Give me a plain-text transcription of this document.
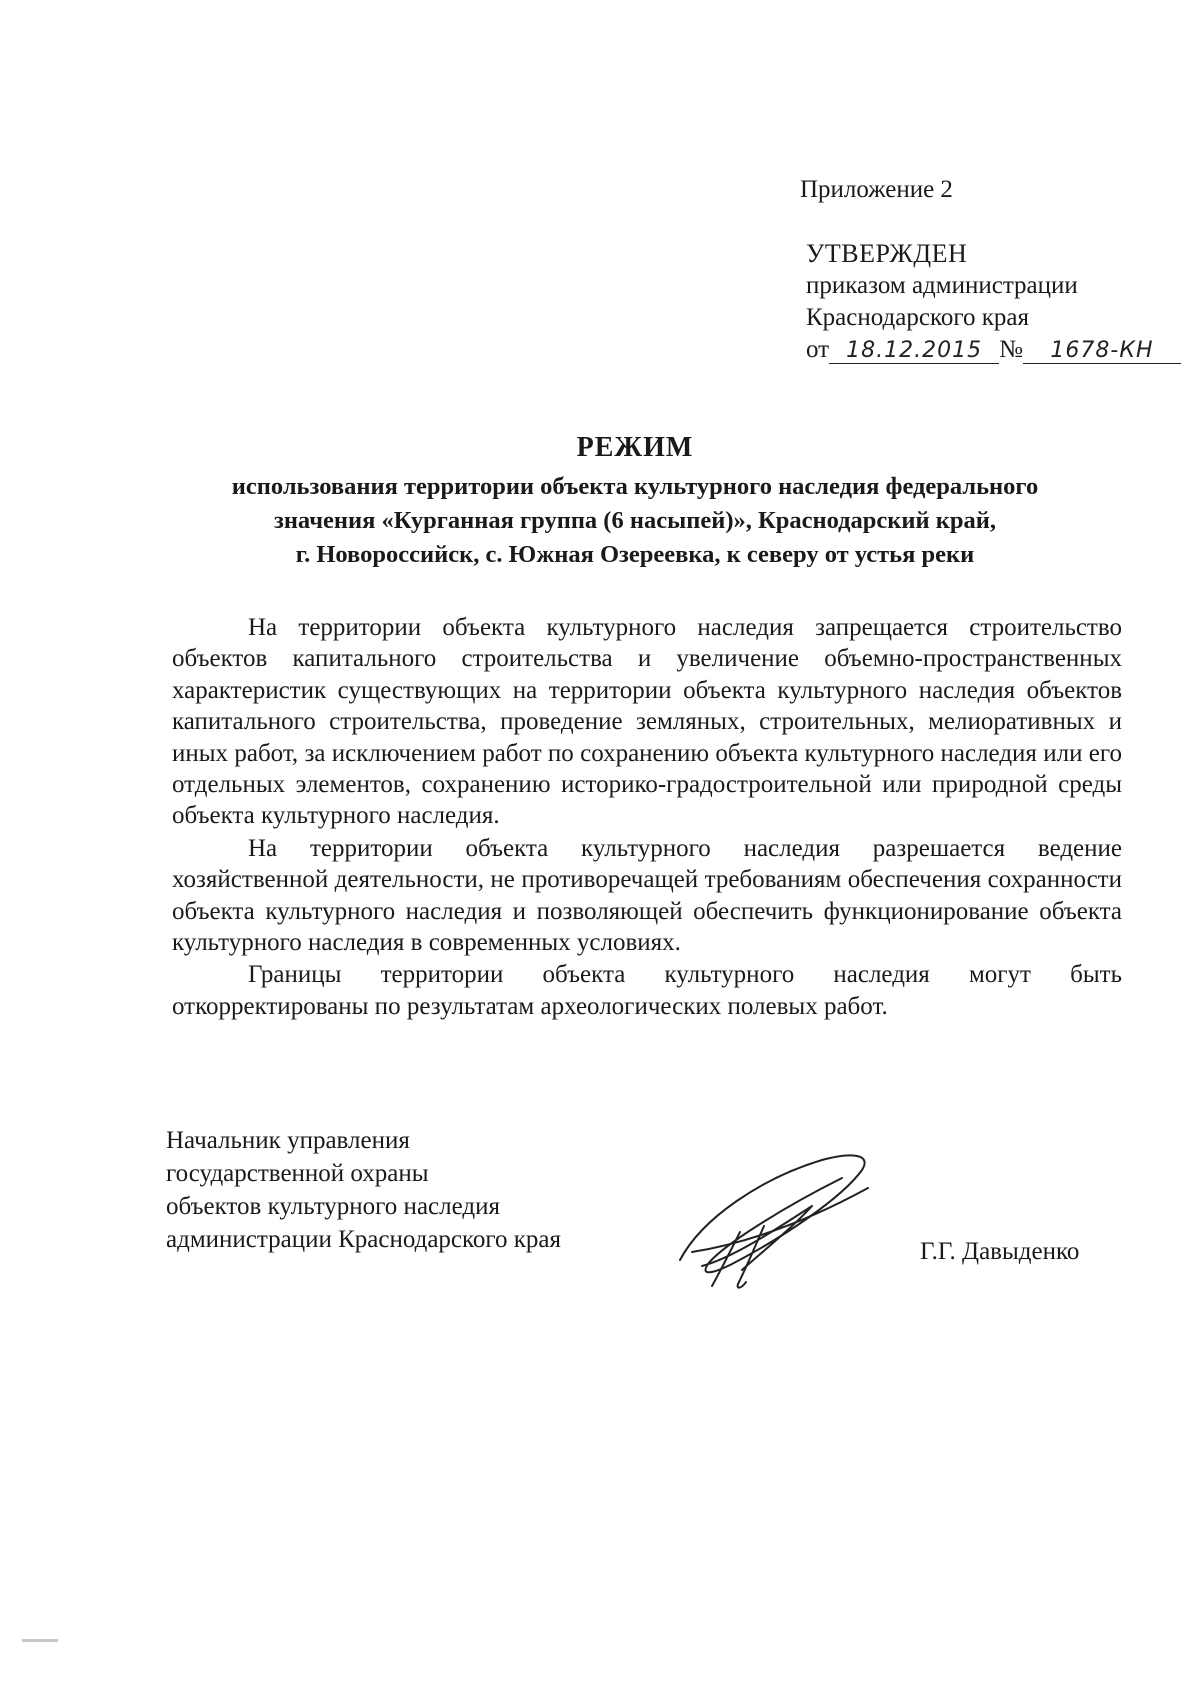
Приложение 2
УТВЕРЖДЕН
приказом администрации
Краснодарского края
от 18.12.2015 № 1678-КН
РЕЖИМ
использования территории объекта культурного наследия федерального
значения «Курганная группа (6 насыпей)», Краснодарский край,
г. Новороссийск, с. Южная Озереевка, к северу от устья реки

На территории объекта культурного наследия запрещается строительство объектов капитального строительства и увеличение объемно-пространственных характеристик существующих на территории объекта культурного наследия объектов капитального строительства, проведение земляных, строительных, мелиоративных и иных работ, за исключением работ по сохранению объекта культурного наследия или его отдельных элементов, сохранению историко-градостроительной или природной среды объекта культурного наследия.

На территории объекта культурного наследия разрешается ведение хозяйственной деятельности, не противоречащей требованиям обеспечения сохранности объекта культурного наследия и позволяющей обеспечить функционирование объекта культурного наследия в современных условиях.

Границы территории объекта культурного наследия могут быть откорректированы по результатам археологических полевых работ.

Начальник управления
государственной охраны
объектов культурного наследия
администрации Краснодарского края	Г.Г. Давыденко
